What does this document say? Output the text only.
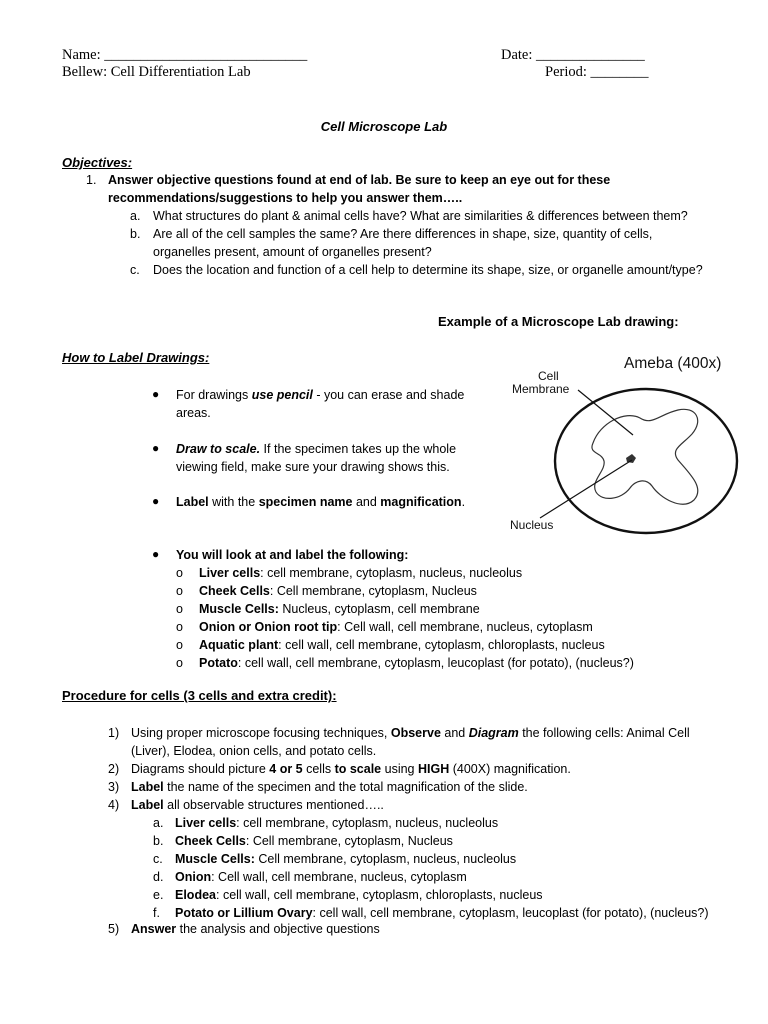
Name: ____________________________	Date: _______________
Bellew: Cell Differentiation Lab	Period: ________
Cell Microscope Lab
Objectives:
1. Answer objective questions found at end of lab. Be sure to keep an eye out for these
recommendations/suggestions to help you answer them…..
a. What structures do plant & animal cells have? What are similarities & differences between them?
b. Are all of the cell samples the same? Are there differences in shape, size, quantity of cells,
organelles present, amount of organelles present?
c. Does the location and function of a cell help to determine its shape, size, or organelle amount/type?
Example of a Microscope Lab drawing:
Ameba (400x)
Cell
Membrane
Nucleus
How to Label Drawings:
● For drawings use pencil - you can erase and shade
areas.
● Draw to scale. If the specimen takes up the whole
viewing field, make sure your drawing shows this.
● Label with the specimen name and magnification.
● You will look at and label the following:
o Liver cells: cell membrane, cytoplasm, nucleus, nucleolus
o Cheek Cells: Cell membrane, cytoplasm, Nucleus
o Muscle Cells: Nucleus, cytoplasm, cell membrane
o Onion or Onion root tip: Cell wall, cell membrane, nucleus, cytoplasm
o Aquatic plant: cell wall, cell membrane, cytoplasm, chloroplasts, nucleus
o Potato: cell wall, cell membrane, cytoplasm, leucoplast (for potato), (nucleus?)
Procedure for cells (3 cells and extra credit):
1) Using proper microscope focusing techniques, Observe and Diagram the following cells: Animal Cell
(Liver), Elodea, onion cells, and potato cells.
2) Diagrams should picture 4 or 5 cells to scale using HIGH (400X) magnification.
3) Label the name of the specimen and the total magnification of the slide.
4) Label all observable structures mentioned…..
a. Liver cells: cell membrane, cytoplasm, nucleus, nucleolus
b. Cheek Cells: Cell membrane, cytoplasm, Nucleus
c. Muscle Cells: Cell membrane, cytoplasm, nucleus, nucleolus
d. Onion: Cell wall, cell membrane, nucleus, cytoplasm
e. Elodea: cell wall, cell membrane, cytoplasm, chloroplasts, nucleus
f. Potato or Lillium Ovary: cell wall, cell membrane, cytoplasm, leucoplast (for potato), (nucleus?)
5) Answer the analysis and objective questions
